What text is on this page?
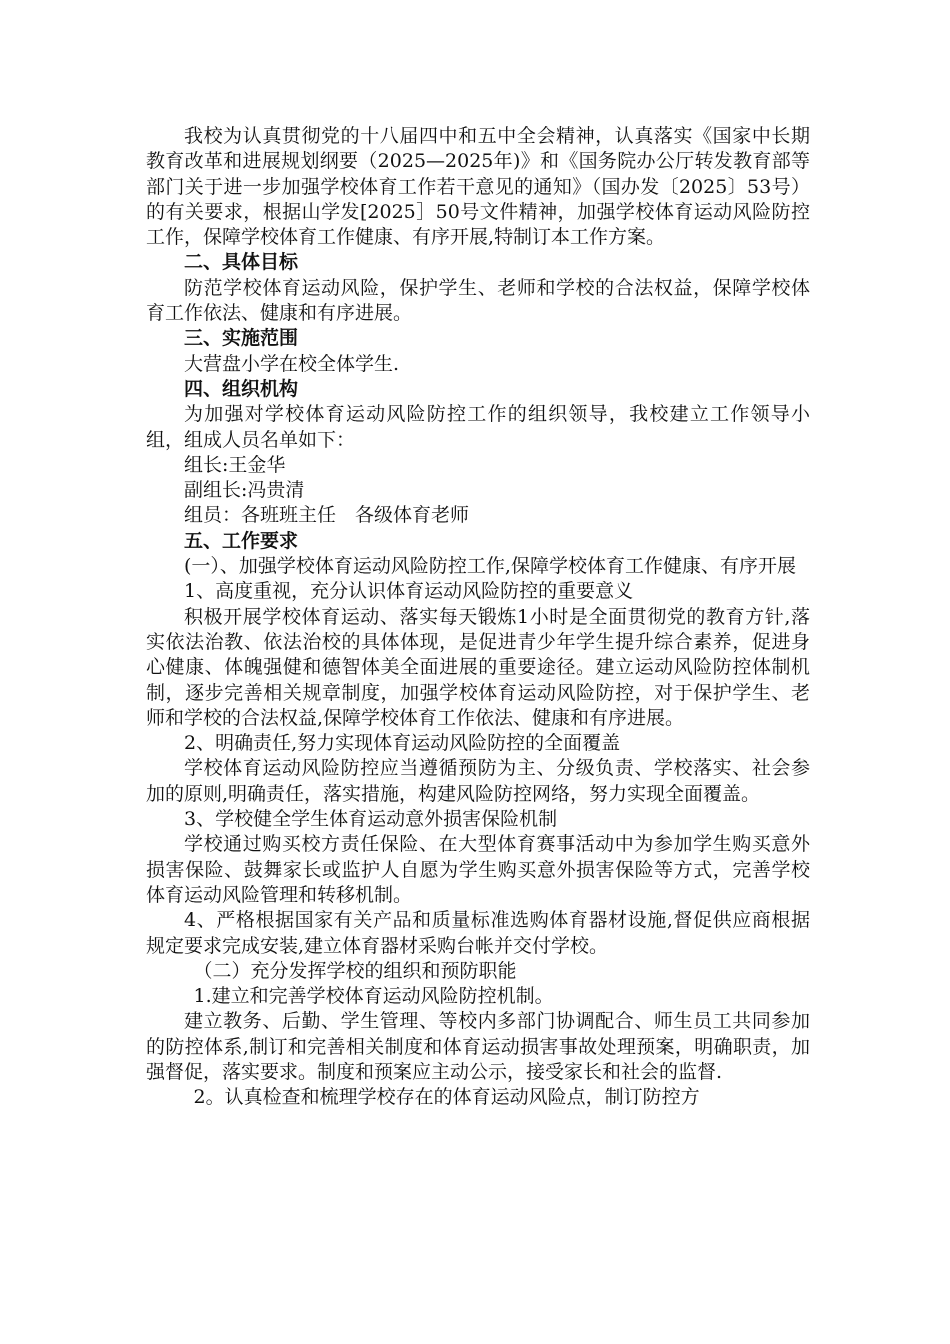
我校为认真贯彻党的十八届四中和五中全会精神，认真落实《国家中长期教育改革和进展规划纲要（2025—2025年)》和《国务院办公厅转发教育部等部门关于进一步加强学校体育工作若干意见的通知》（国办发〔2025〕53号）的有关要求，根据山学发[2025］50号文件精神，加强学校体育运动风险防控工作，保障学校体育工作健康、有序开展,特制订本工作方案。

二、具体目标

防范学校体育运动风险，保护学生、老师和学校的合法权益，保障学校体育工作依法、健康和有序进展。

三、实施范围

大营盘小学在校全体学生.

四、组织机构

为加强对学校体育运动风险防控工作的组织领导，我校建立工作领导小组，组成人员名单如下：

组长:王金华

副组长:冯贵清

组员：各班班主任　各级体育老师

五、工作要求

(一）、加强学校体育运动风险防控工作,保障学校体育工作健康、有序开展

1、高度重视，充分认识体育运动风险防控的重要意义

积极开展学校体育运动、落实每天锻炼1小时是全面贯彻党的教育方针,落实依法治教、依法治校的具体体现，是促进青少年学生提升综合素养，促进身心健康、体魄强健和德智体美全面进展的重要途径。建立运动风险防控体制机制，逐步完善相关规章制度，加强学校体育运动风险防控，对于保护学生、老师和学校的合法权益,保障学校体育工作依法、健康和有序进展。

2、明确责任,努力实现体育运动风险防控的全面覆盖

学校体育运动风险防控应当遵循预防为主、分级负责、学校落实、社会参加的原则,明确责任，落实措施，构建风险防控网络，努力实现全面覆盖。

3、学校健全学生体育运动意外损害保险机制

学校通过购买校方责任保险、在大型体育赛事活动中为参加学生购买意外损害保险、鼓舞家长或监护人自愿为学生购买意外损害保险等方式，完善学校体育运动风险管理和转移机制。

4、严格根据国家有关产品和质量标准选购体育器材设施,督促供应商根据规定要求完成安装,建立体育器材采购台帐并交付学校。

（二）充分发挥学校的组织和预防职能

1.建立和完善学校体育运动风险防控机制。

建立教务、后勤、学生管理、等校内多部门协调配合、师生员工共同参加的防控体系,制订和完善相关制度和体育运动损害事故处理预案，明确职责，加强督促，落实要求。制度和预案应主动公示，接受家长和社会的监督.

2。认真检查和梳理学校存在的体育运动风险点，制订防控方
